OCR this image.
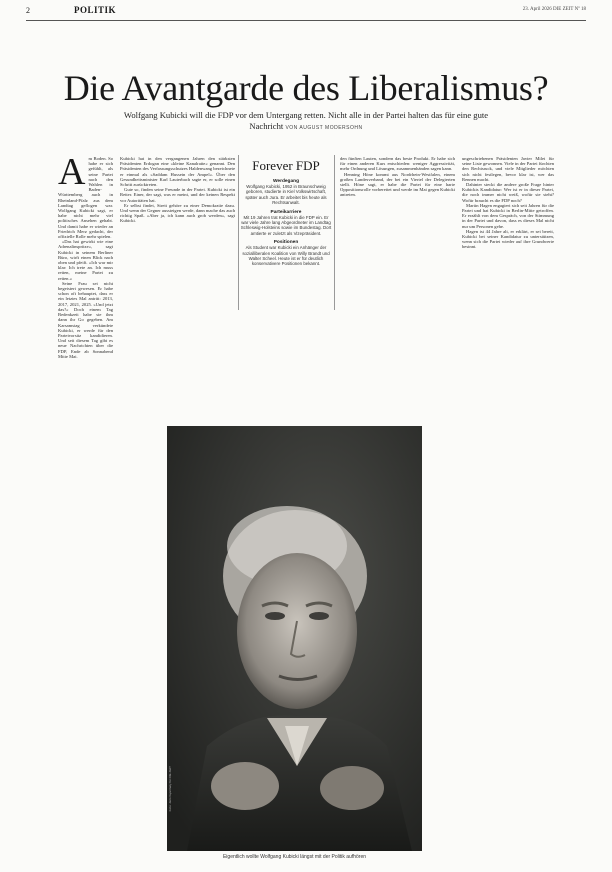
2	POLITIK	23. April 2026 DIE ZEIT Nº 18
Die Avantgarde des Liberalismus?
Wolfgang Kubicki will die FDP vor dem Untergang retten. Nicht alle in der Partei halten das für eine gute Nachricht VON AUGUST MODERSOHN

Am Boden. So habe er sich gefühlt, als seine Partei nach den Wahlen in Baden-Württemberg auch in Rheinland-Pfalz aus dem Landtag geflogen war. Wolfgang Kubicki sagt, er habe nicht mehr viel politisches Ansehen gehabt. Und damit habe er wieder an Friedrich Merz gedacht, der offizielle Rolle mehr spielen.

»Das hat gewirkt wie eine Adrenalinspritze«, sagt Kubicki in seinem Berliner Büro, wirft einen Blick nach oben und pfeift. »Ich war mir klar: Ich trete an. Ich muss retten, meine Partei zu retten.«

Seine Frau sei nicht begeistert gewesen. Er habe schon oft behauptet, dass er ein letztes Mal antritt: 2013, 2017, 2021, 2025. »Und jetzt das?« Doch einem Tag Bedenkzeit habe sie ihm dann ihr Go gegeben. Am Karsamstag verkündete Kubicki, er werde für den Parteivorsitz kandidieren. Und seit diesem Tag gibt es neue Nachrichten über die FDP, Ende ab Sonnabend Mitte Mai.

Kubicki hat in den vergangenen Jahren den stärksten Präsidenten Erdogan eine »kleine Kanalratte« genannt. Den Präsidenten des Verfassungsschutzes Haldenwang bezeichnete er einmal als »Saddam Hussein der Ampel«. Über den Gesundheitsminister Karl Lauterbach sagte er, er solle einen Schritt zurücktreten.

Gute so, finden seine Freunde in der Partei. Kubicki ist ein Retter. Einer, der sagt, was er meint, und der keinen Respekt vor Autoritäten hat.

Er selbst findet, Streit gehöre zu einer Demokratie dazu. Und wenn der Gegner aussteigen werde, dann mache das auch richtig Spaß. »Aber ja, ich kann auch grob werden«, sagt Kubicki.

Forever FDP
Werdegang
Wolfgang Kubicki, 1952 in Braunschweig geboren, studierte in Kiel Volkswirtschaft, später auch Jura. Er arbeitet bis heute als Rechtsanwalt.
Parteikarriere
Mit 19 Jahren trat Kubicki in die FDP ein. Er war viele Jahre lang Abgeordneter im Landtag Schleswig-Holsteins sowie im Bundestag. Dort amtierte er zuletzt als Vizepräsident.
Positionen
Als Student war Kubicki ein Anhänger der sozialliberalen Koalition von Willy Brandt und Walter Scheel. Heute ist er für deutlich konservativere Positionen bekannt.

den fünften Lauten, sondern das beste Produkt. Er habe sich für einen anderen Kurs entschieden: weniger Aggressivität, mehr Ordnung und Lösungen, zusammenhänden sagen kann.

Henning Höne kommt aus Nordrhein-Westfalen, einem großen Landesverband, der bei ein Viertel der Delegierten stellt. Höne sagt, er habe die Partei für eine harte Oppositionsrolle vorbereitet und werde im Mai gegen Kubicki antreten.

ungeschriebenen Präsidenten Javier Milei für seine Liste gewonnen. Viele in der Partei fürchten den Rechtsruck, und viele Mitglieder möchten sich nicht festlegen, bevor klar ist, wer das Rennen macht.

Dahinter steckt die andere große Frage hinter Kubickis Kandidatur: Wer ist er in dieser Partei, die noch immer nicht weiß, wofür sie steht? Wofür braucht es die FDP noch?

Martin Hagen engagiert sich seit Jahren für die Partei und hat Kubicki in Berlin-Mitte getroffen. Er erzählt von dem Gespräch, von der Stimmung in der Partei und davon, dass es dieses Mal nicht nur um Personen gehe.

Hagen ist 44 Jahre alt, er erklärt, er sei bereit, Kubicki bei seiner Kandidatur zu unterstützen, wenn sich die Partei wieder auf ihre Grundwerte besinnt.

Foto: Jens Gyarmaty für DIE ZEIT
Eigentlich wollte Wolfgang Kubicki längst mit der Politik aufhören
